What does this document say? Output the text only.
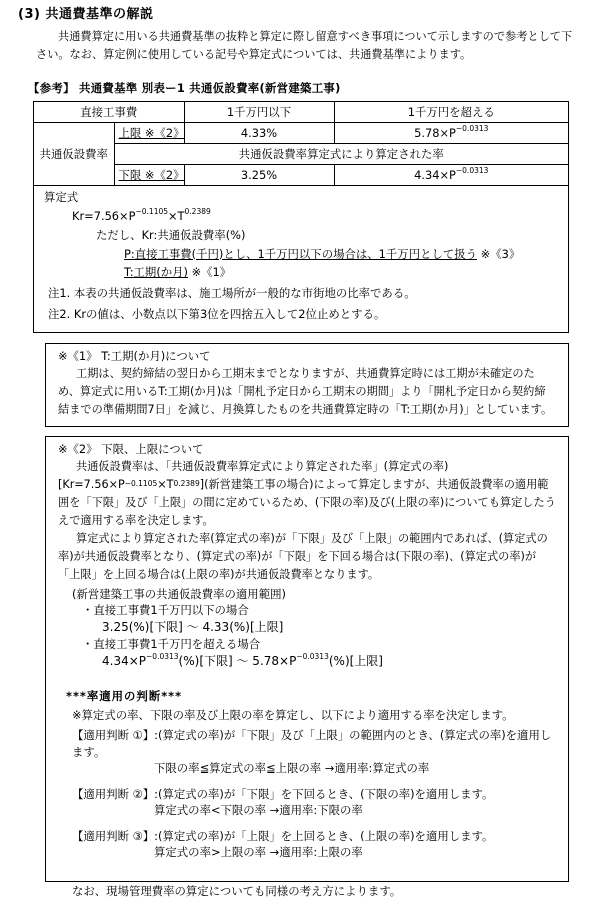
(3) 共通費基準の解説

共通費算定に用いる共通費基準の抜粋と算定に際し留意すべき事項について示しますので参考として下さい。なお、算定例に使用している記号や算定式については、共通費基準によります。

【参考】 共通費基準 別表ー1 共通仮設費率(新営建築工事)
直接工事費		1千万円以下	1千万円を超える
共通仮設費率	上限 ※《2》	4.33%	$5.78\times P^{-0.0313}$
	共通仮設費率算定式により算定された率		
	下限 ※《2》	3.25%	$4.34\times P^{-0.0313}$
算定式
$Kr=7.56\times P^{-0.1105}\times T^{0.2389}$
ただし、Kr:共通仮設費率(%)
P:直接工事費(千円)とし、1千万円以下の場合は、1千万円として扱う ※《3》
T:工期(か月) ※《1》
注1. 本表の共通仮設費率は、施工場所が一般的な市街地の比率である。
注2. Krの値は、小数点以下第3位を四捨五入して2位止めとする。
※《1》 T:工期(か月)について

工期は、契約締結の翌日から工期末までとなりますが、共通費算定時には工期が未確定のため、算定式に用いるT:工期(か月)は「開札予定日から工期末の期間」より「開札予定日から契約締結までの準備期間7日」を減じ、月換算したものを共通費算定時の「T:工期(か月)」としています。

※《2》 下限、上限について

共通仮設費率は、「共通仮設費率算定式により算定された率」(算定式の率)$[Kr=7.56\times P^{-0.1105}\times T^{0.2389}]$(新営建築工事の場合)によって算定しますが、共通仮設費率の適用範囲を「下限」及び「上限」の間に定めているため、(下限の率)及び(上限の率)についても算定したうえで適用する率を決定します。

算定式により算定された率(算定式の率)が「下限」及び「上限」の範囲内であれば、(算定式の率)が共通仮設費率となり、(算定式の率)が「下限」を下回る場合は(下限の率)、(算定式の率)が「上限」を上回る場合は(上限の率)が共通仮設費率となります。

(新営建築工事の共通仮設費率の適用範囲)
・直接工事費1千万円以下の場合
3.25(%)[下限] 〜 4.33(%)[上限]
・直接工事費1千万円を超える場合
$4.34\times P^{-0.0313}(\%)$[下限] 〜 $5.78\times P^{-0.0313}(\%)$[上限]
***率適用の判断***
※算定式の率、下限の率及び上限の率を算定し、以下により適用する率を決定します。
【適用判断 ①】:(算定式の率)が「下限」及び「上限」の範囲内のとき、(算定式の率)を適用します。
下限の率≦算定式の率≦上限の率 →適用率:算定式の率
【適用判断 ②】:(算定式の率)が「下限」を下回るとき、(下限の率)を適用します。
算定式の率<下限の率 →適用率:下限の率
【適用判断 ③】:(算定式の率)が「上限」を上回るとき、(上限の率)を適用します。
算定式の率>上限の率 →適用率:上限の率
なお、現場管理費率の算定についても同様の考え方によります。
